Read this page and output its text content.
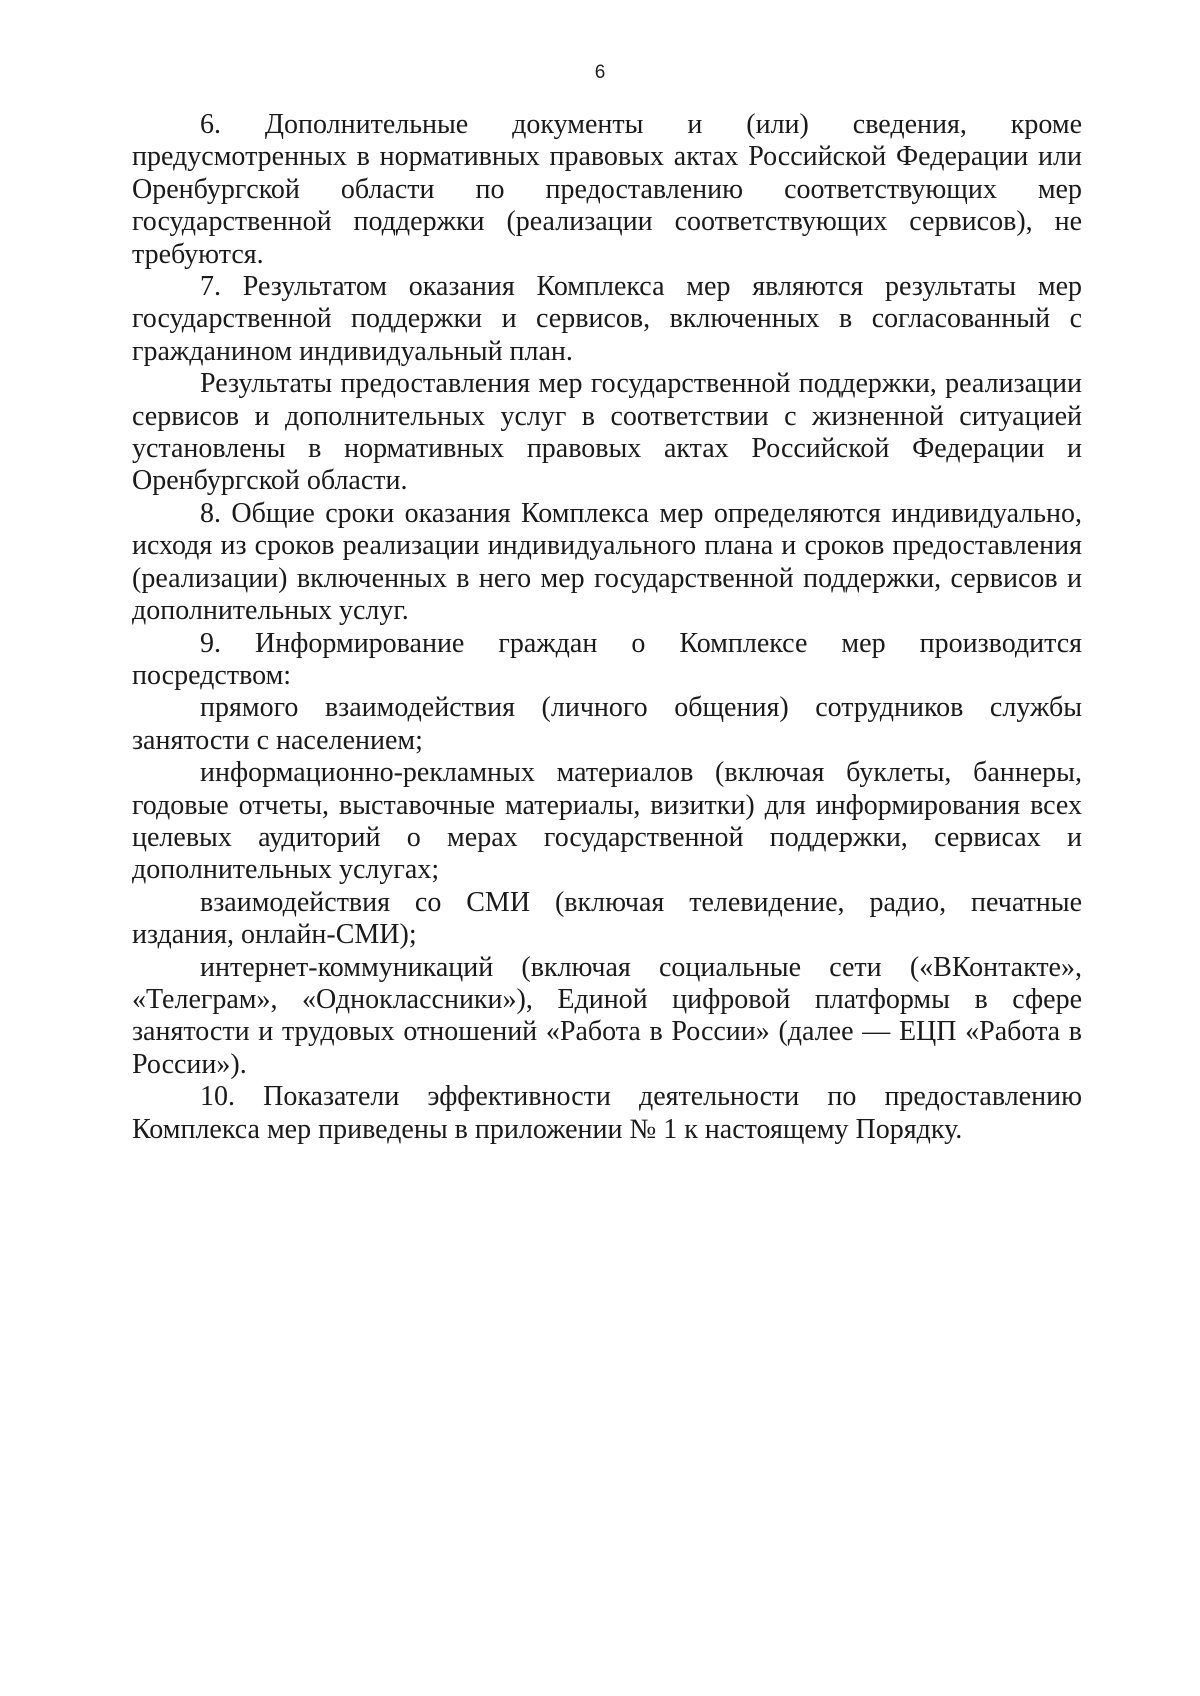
6

6. Дополнительные документы и (или) сведения, кроме предусмотренных в нормативных правовых актах Российской Федерации или Оренбургской области по предоставлению соответствующих мер государственной поддержки (реализации соответствующих сервисов), не требуются.

7. Результатом оказания Комплекса мер являются результаты мер государственной поддержки и сервисов, включенных в согласованный с гражданином индивидуальный план.

Результаты предоставления мер государственной поддержки, реализации сервисов и дополнительных услуг в соответствии с жизненной ситуацией установлены в нормативных правовых актах Российской Федерации и Оренбургской области.

8. Общие сроки оказания Комплекса мер определяются индивидуально, исходя из сроков реализации индивидуального плана и сроков предоставления (реализации) включенных в него мер государственной поддержки, сервисов и дополнительных услуг.

9. Информирование граждан о Комплексе мер производится посредством:

прямого взаимодействия (личного общения) сотрудников службы занятости с населением;

информационно-рекламных материалов (включая буклеты, баннеры, годовые отчеты, выставочные материалы, визитки) для информирования всех целевых аудиторий о мерах государственной поддержки, сервисах и дополнительных услугах;

взаимодействия со СМИ (включая телевидение, радио, печатные издания, онлайн-СМИ);

интернет-коммуникаций (включая социальные сети («ВКонтакте», «Телеграм», «Одноклассники»), Единой цифровой платформы в сфере занятости и трудовых отношений «Работа в России» (далее — ЕЦП «Работа в России»).

10. Показатели эффективности деятельности по предоставлению Комплекса мер приведены в приложении № 1 к настоящему Порядку.
